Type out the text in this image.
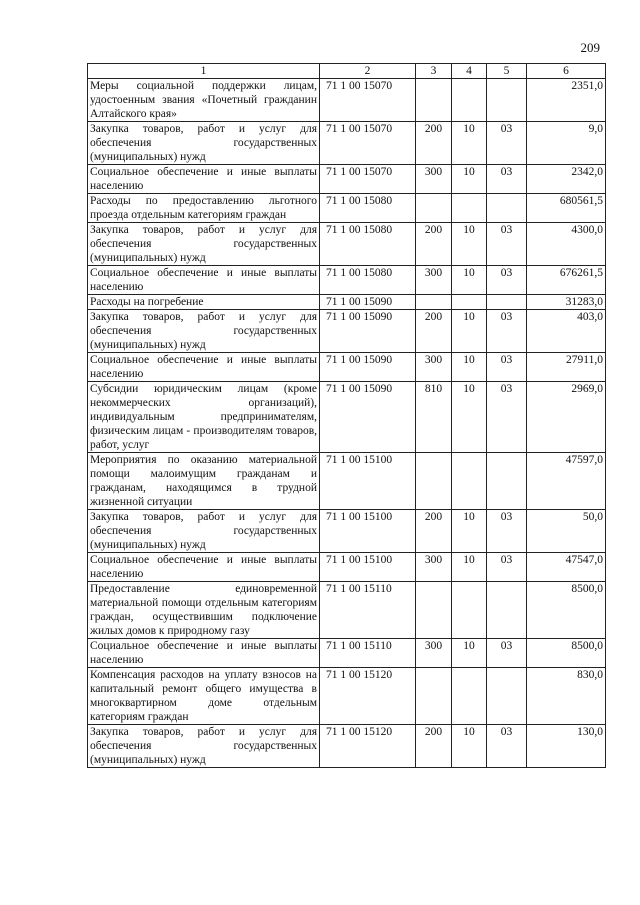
209
1	2	3	4	5	6
Меры социальной поддержки лицам, удостоенным звания «Почетный гражданин Алтайского края»	71 1 00 15070				2351,0
Закупка товаров, работ и услуг для обеспечения государственных (муниципальных) нужд	71 1 00 15070	200	10	03	9,0
Социальное обеспечение и иные выплаты населению	71 1 00 15070	300	10	03	2342,0
Расходы по предоставлению льготного проезда отдельным категориям граждан	71 1 00 15080				680561,5
Закупка товаров, работ и услуг для обеспечения государственных (муниципальных) нужд	71 1 00 15080	200	10	03	4300,0
Социальное обеспечение и иные выплаты населению	71 1 00 15080	300	10	03	676261,5
Расходы на погребение	71 1 00 15090				31283,0
Закупка товаров, работ и услуг для обеспечения государственных (муниципальных) нужд	71 1 00 15090	200	10	03	403,0
Социальное обеспечение и иные выплаты населению	71 1 00 15090	300	10	03	27911,0
Субсидии юридическим лицам (кроме некоммерческих организаций), индивидуальным предпринимателям, физическим лицам - производителям товаров, работ, услуг	71 1 00 15090	810	10	03	2969,0
Мероприятия по оказанию материальной помощи малоимущим гражданам и гражданам, находящимся в трудной жизненной ситуации	71 1 00 15100				47597,0
Закупка товаров, работ и услуг для обеспечения государственных (муниципальных) нужд	71 1 00 15100	200	10	03	50,0
Социальное обеспечение и иные выплаты населению	71 1 00 15100	300	10	03	47547,0
Предоставление единовременной материальной помощи отдельным категориям граждан, осуществившим подключение жилых домов к природному газу	71 1 00 15110				8500,0
Социальное обеспечение и иные выплаты населению	71 1 00 15110	300	10	03	8500,0
Компенсация расходов на уплату взносов на капитальный ремонт общего имущества в многоквартирном доме отдельным категориям граждан	71 1 00 15120				830,0
Закупка товаров, работ и услуг для обеспечения государственных (муниципальных) нужд	71 1 00 15120	200	10	03	130,0
